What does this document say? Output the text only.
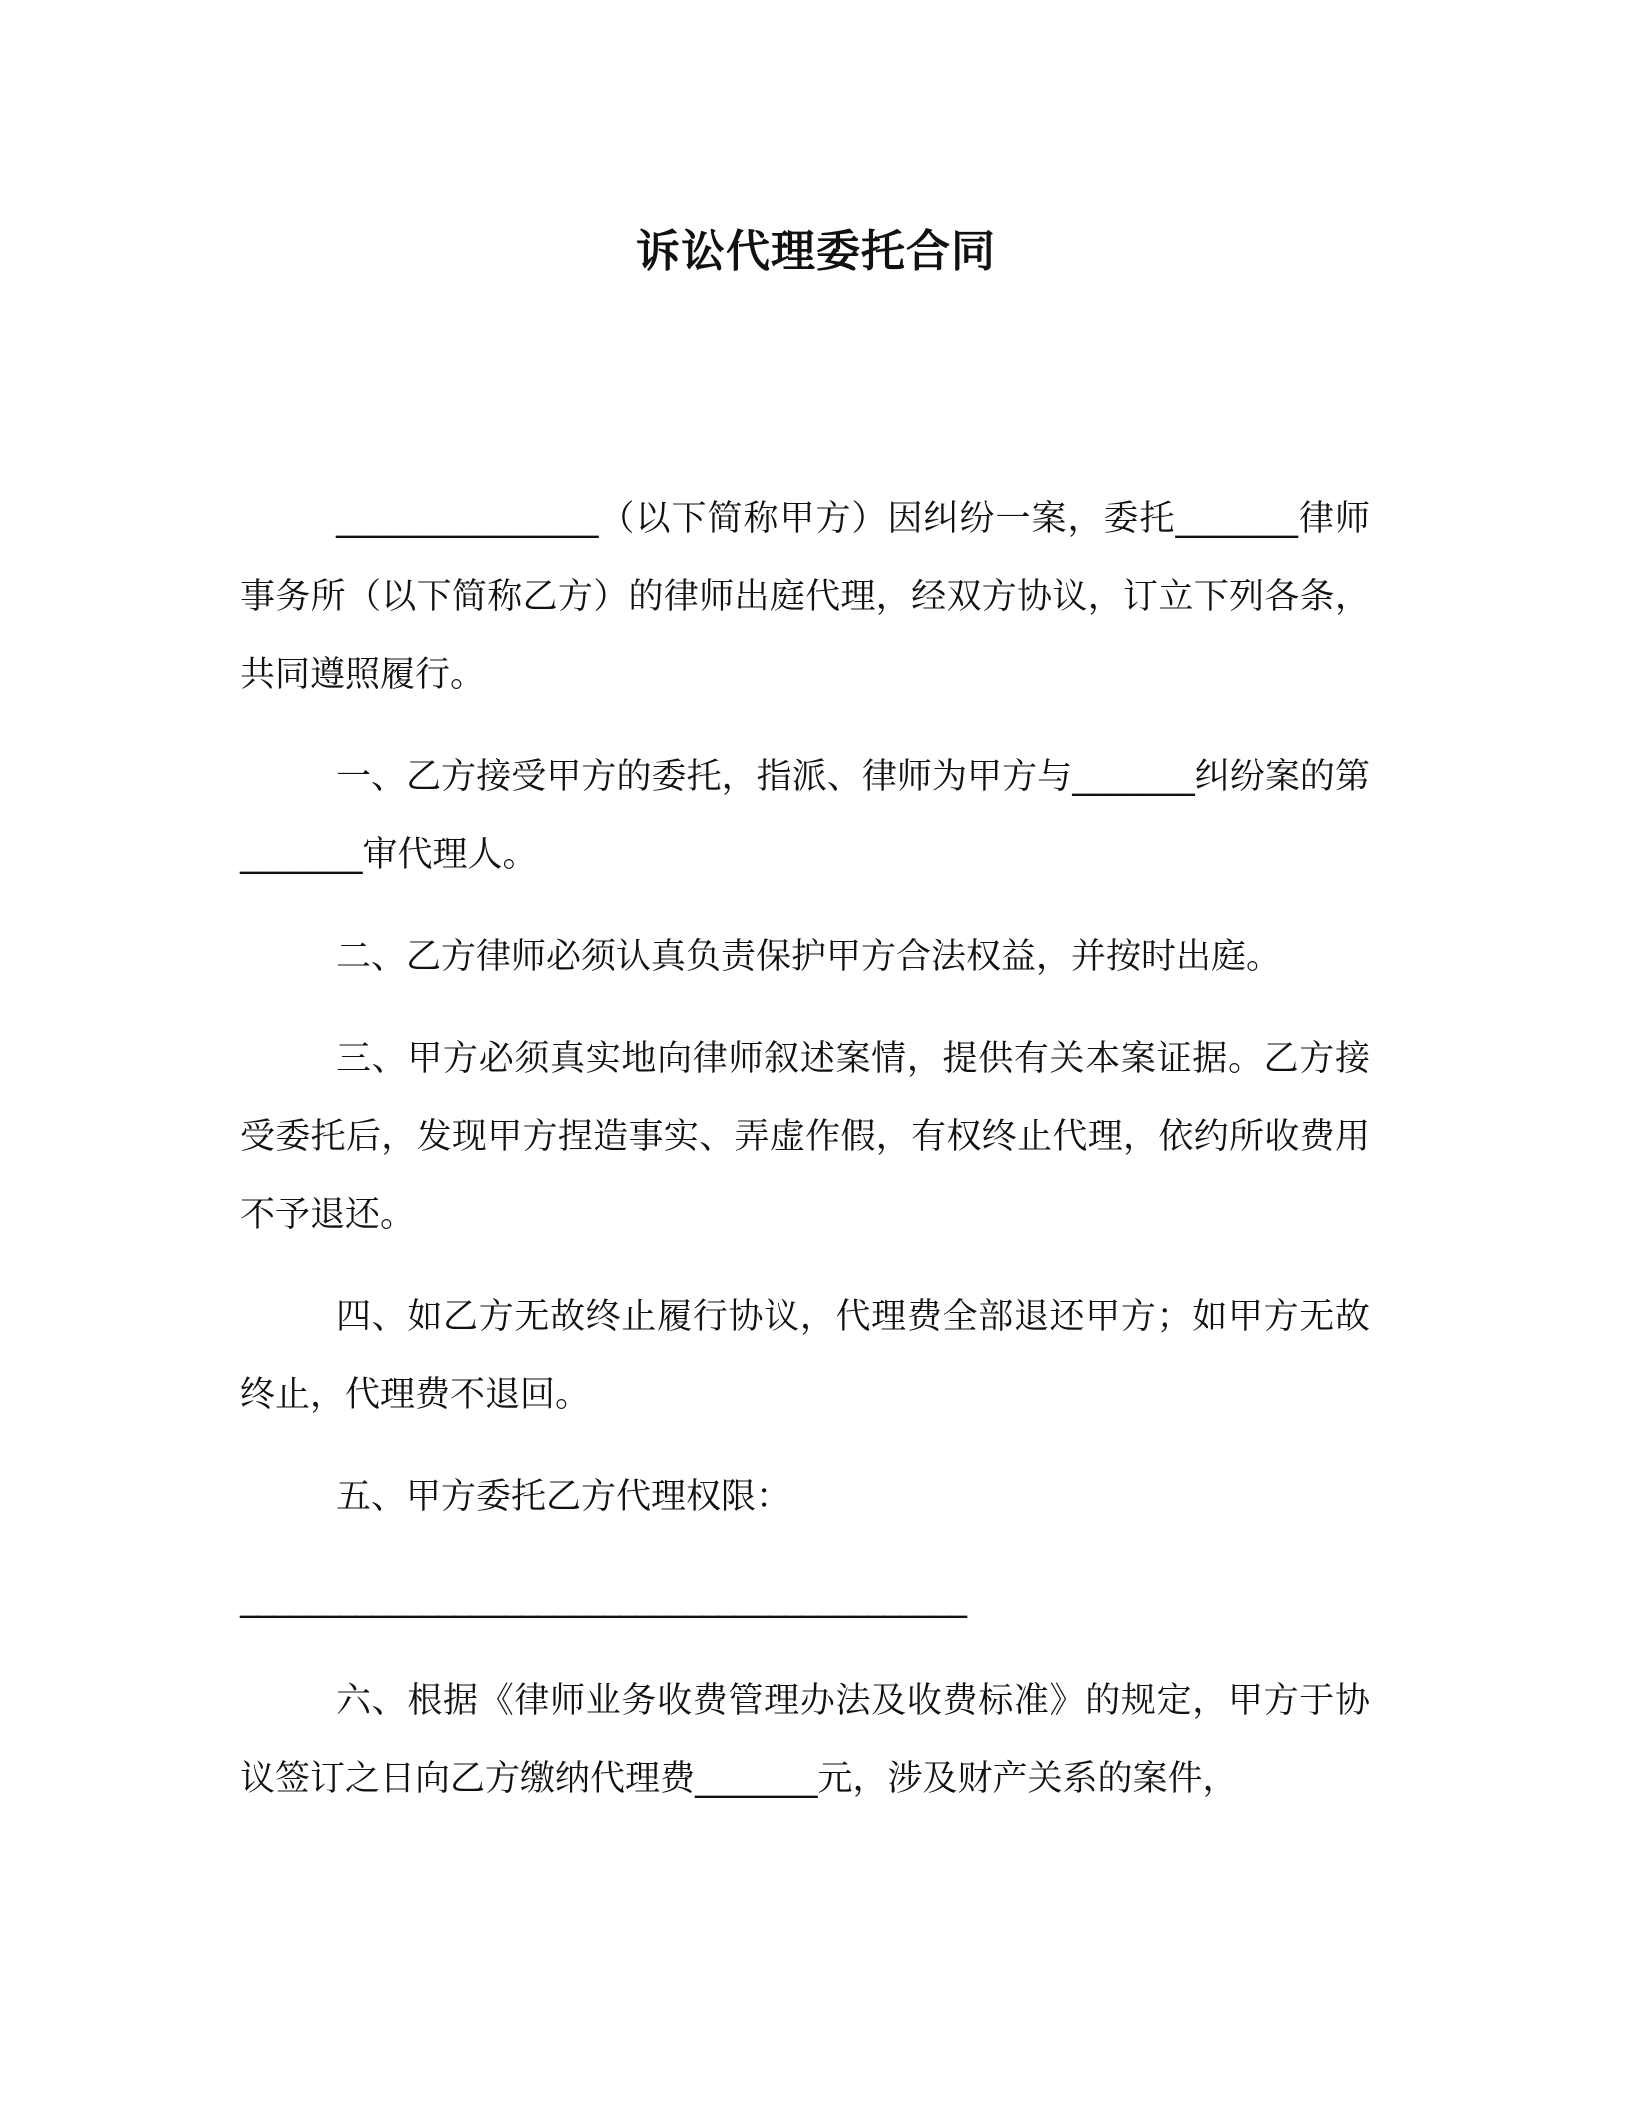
诉讼代理委托合同

_______________（以下简称甲方）因纠纷一案，委托_______律师事务所（以下简称乙方）的律师出庭代理，经双方协议，订立下列各条，共同遵照履行。

一、乙方接受甲方的委托，指派、律师为甲方与_______纠纷案的第_______审代理人。

二、乙方律师必须认真负责保护甲方合法权益，并按时出庭。

三、甲方必须真实地向律师叙述案情，提供有关本案证据。乙方接受委托后，发现甲方捏造事实、弄虚作假，有权终止代理，依约所收费用不予退还。

四、如乙方无故终止履行协议，代理费全部退还甲方；如甲方无故终止，代理费不退回。

五、甲方委托乙方代理权限：

____________________________________________

六、根据《律师业务收费管理办法及收费标准》的规定，甲方于协议签订之日向乙方缴纳代理费_______元，涉及财产关系的案件，
